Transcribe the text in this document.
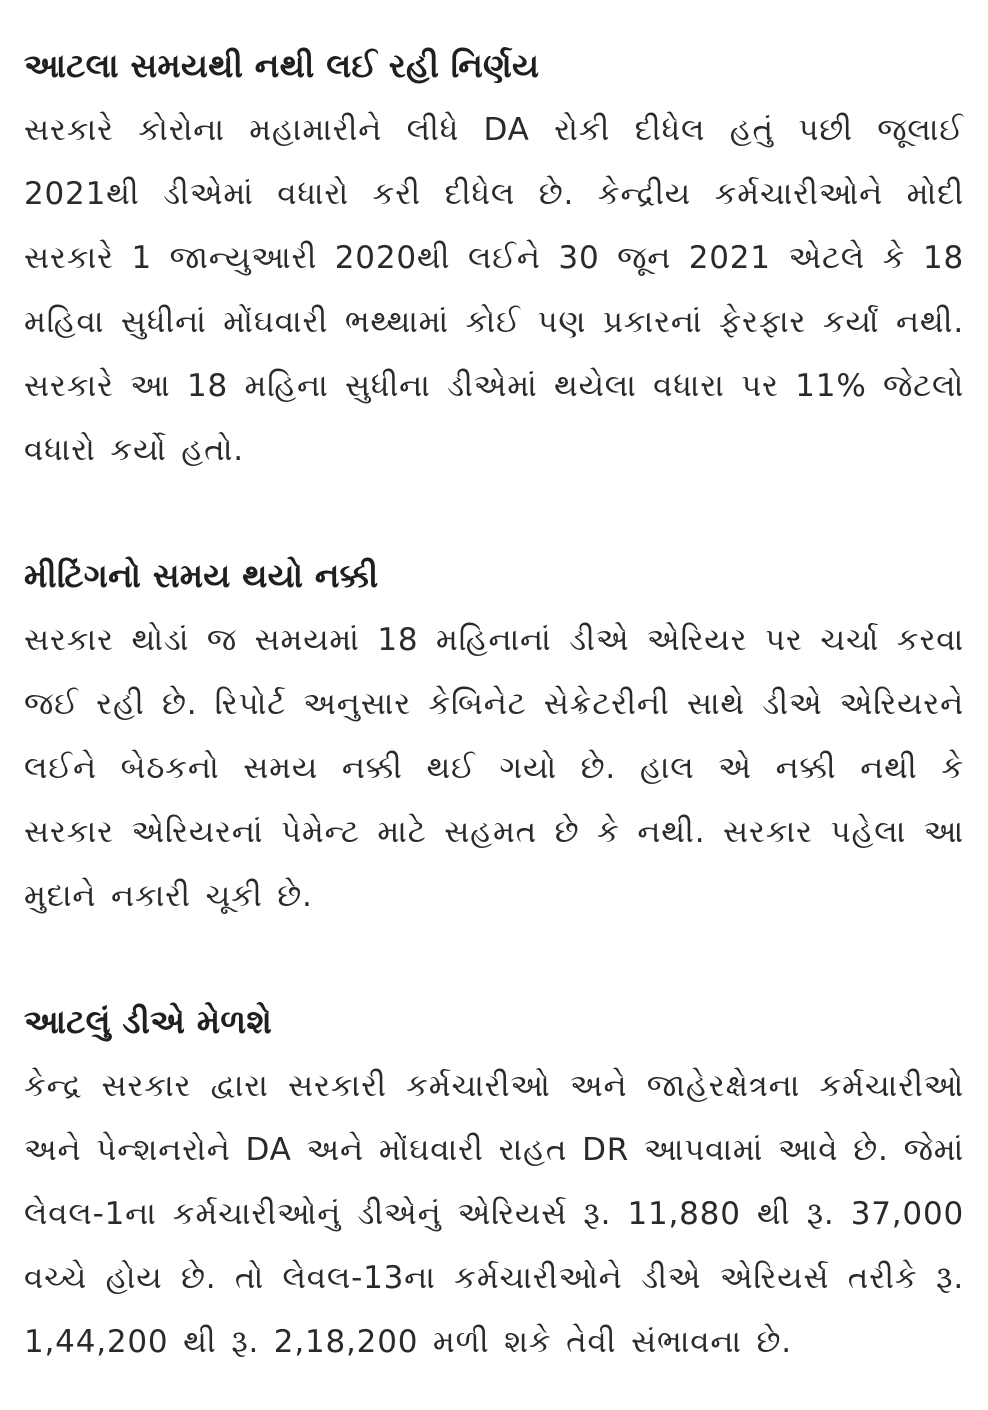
આટલા સમયથી નથી લઈ રહી નિર્ણય

સરકારે કોરોના મહામારીને લીધે DA રોકી દીધેલ હતું પછી જૂલાઈ 2021થી ડીએમાં વધારો કરી દીધેલ છે. કેન્દ્રીય કર્મચારીઓને મોદી સરકારે 1 જાન્યુઆરી 2020થી લઈને 30 જૂન 2021 એટલે કે 18 મહિવા સુધીનાં મોંઘવારી ભથ્થામાં કોઈ પણ પ્રકારનાં ફેરફાર કર્યાં નથી. સરકારે આ 18 મહિના સુધીના ડીએમાં થયેલા વધારા પર 11% જેટલો વધારો કર્યો હતો.

મીટિંગનો સમય થયો નક્કી

સરકાર થોડાં જ સમયમાં 18 મહિનાનાં ડીએ એરિયર પર ચર્ચા કરવા જઈ રહી છે. રિપોર્ટ અનુસાર કેબિનેટ સેક્રેટરીની સાથે ડીએ એરિયરને લઈને બેઠકનો સમય નક્કી થઈ ગયો છે. હાલ એ નક્કી નથી કે સરકાર એરિયરનાં પેમેન્ટ માટે સહમત છે કે નથી. સરકાર પહેલા આ મુદાને નકારી ચૂકી છે.

આટલું ડીએ મેળશે

કેન્દ્ર સરકાર દ્વારા સરકારી કર્મચારીઓ અને જાહેરક્ષેત્રના કર્મચારીઓ અને પેન્શનરોને DA અને મોંઘવારી રાહત DR આપવામાં આવે છે. જેમાં લેવલ-1ના કર્મચારીઓનું ડીએનું એરિયર્સ રૂ. 11,880 થી રૂ. 37,000 વચ્ચે હોય છે. તો લેવલ-13ના કર્મચારીઓને ડીએ એરિયર્સ તરીકે રૂ. 1,44,200 થી રૂ. 2,18,200 મળી શકે તેવી સંભાવના છે.
